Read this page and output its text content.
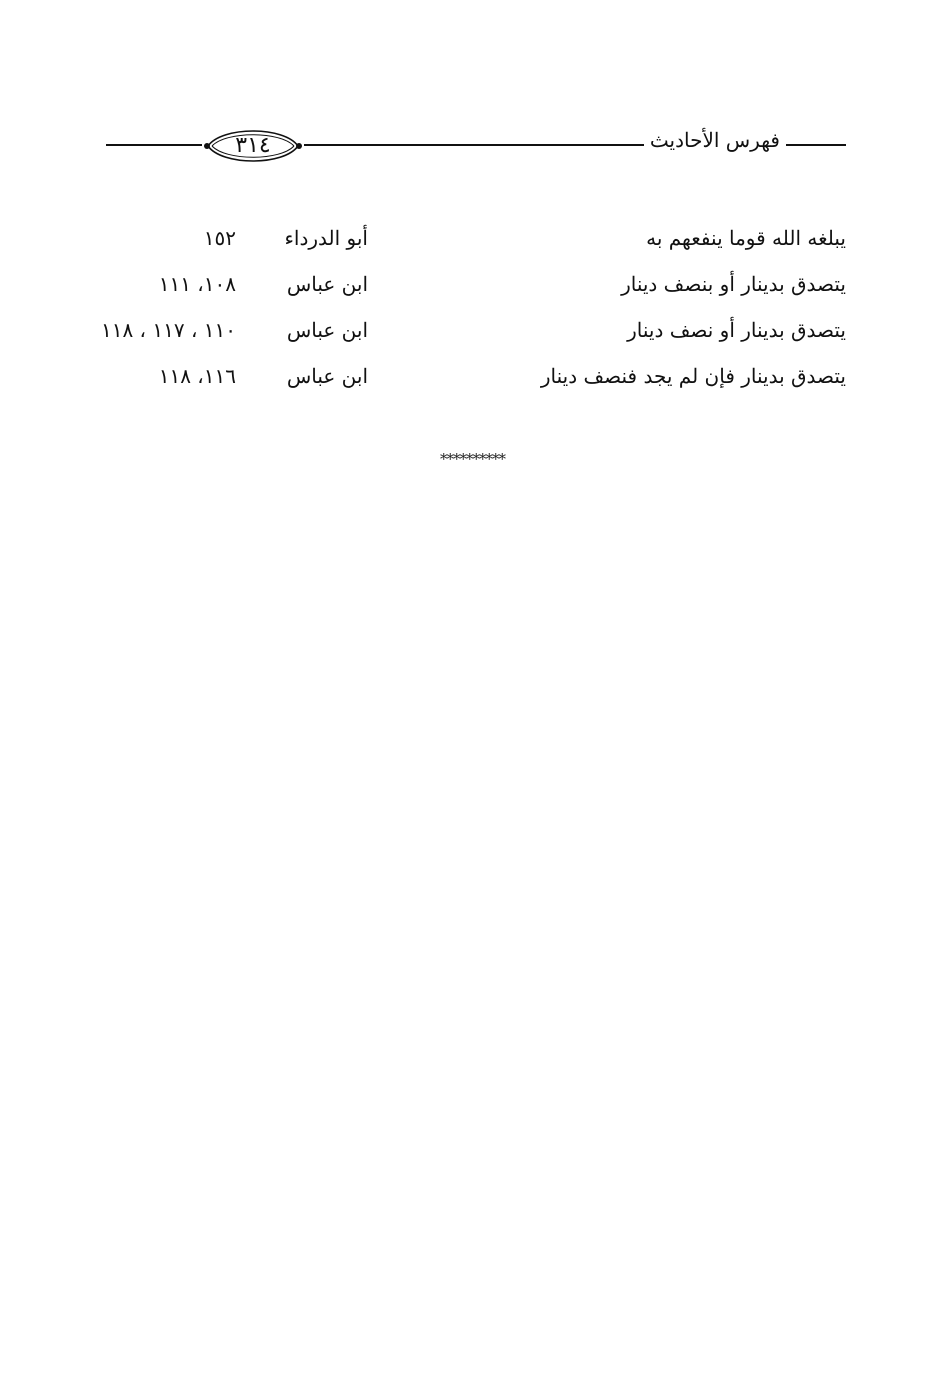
٣١٤	فهرس الأحاديث
يبلغه الله قوما ينفعهم به
أبو الدرداء
١٥٢
يتصدق بدينار أو بنصف دينار
ابن عباس
١٠٨، ١١١
يتصدق بدينار أو نصف دينار
ابن عباس
١١٠ ، ١١٧ ، ١١٨
يتصدق بدينار فإن لم يجد فنصف دينار
ابن عباس
١١٦، ١١٨
**********
